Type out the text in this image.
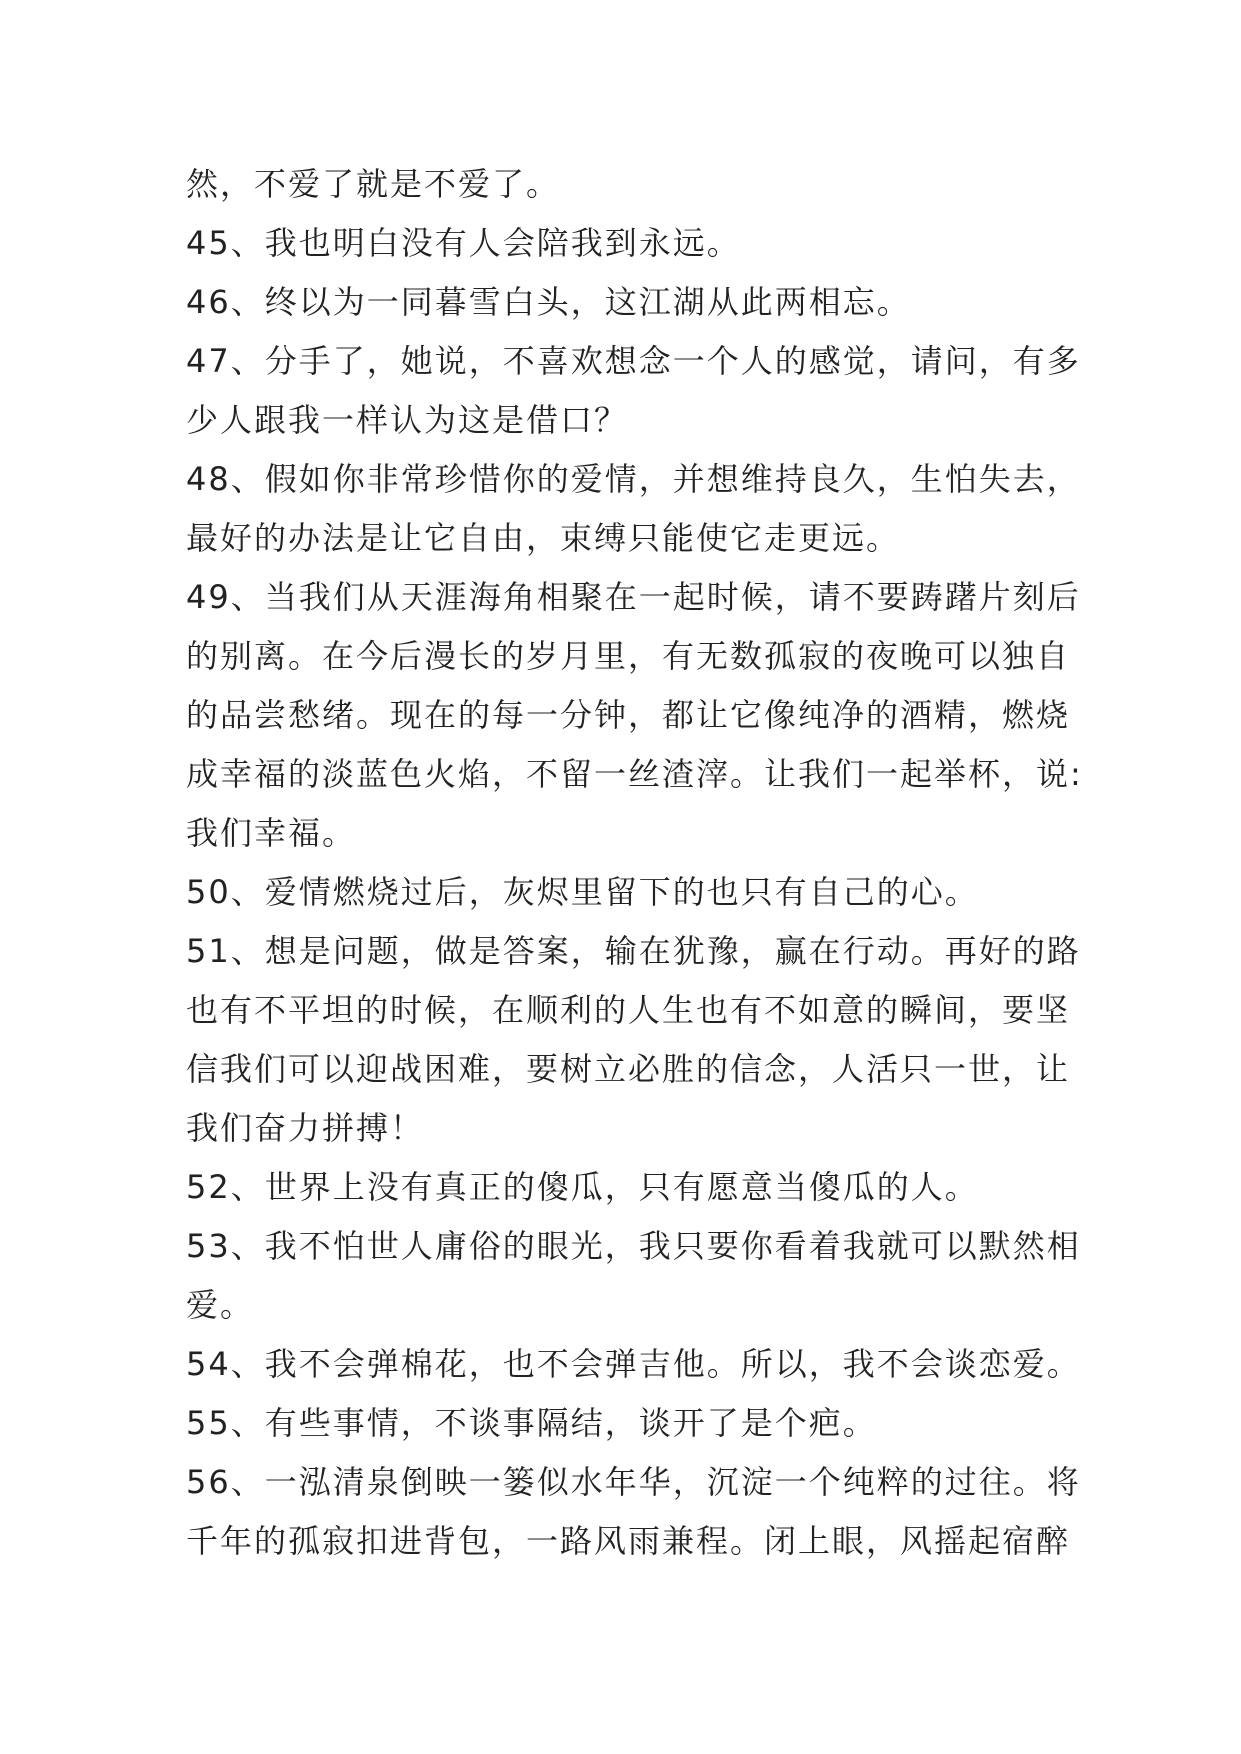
然，不爱了就是不爱了。
45、我也明白没有人会陪我到永远。
46、终以为一同暮雪白头，这江湖从此两相忘。
47、分手了，她说，不喜欢想念一个人的感觉，请问，有多
少人跟我一样认为这是借口？
48、假如你非常珍惜你的爱情，并想维持良久，生怕失去，
最好的办法是让它自由，束缚只能使它走更远。
49、当我们从天涯海角相聚在一起时候，请不要踌躇片刻后
的别离。在今后漫长的岁月里，有无数孤寂的夜晚可以独自
的品尝愁绪。现在的每一分钟，都让它像纯净的酒精，燃烧
成幸福的淡蓝色火焰，不留一丝渣滓。让我们一起举杯，说:
我们幸福。
50、爱情燃烧过后，灰烬里留下的也只有自己的心。
51、想是问题，做是答案，输在犹豫，赢在行动。再好的路
也有不平坦的时候，在顺利的人生也有不如意的瞬间，要坚
信我们可以迎战困难，要树立必胜的信念，人活只一世，让
我们奋力拼搏！
52、世界上没有真正的傻瓜，只有愿意当傻瓜的人。
53、我不怕世人庸俗的眼光，我只要你看着我就可以默然相
爱。
54、我不会弹棉花，也不会弹吉他。所以，我不会谈恋爱。
55、有些事情，不谈事隔结，谈开了是个疤。
56、一泓清泉倒映一篓似水年华，沉淀一个纯粹的过往。将
千年的孤寂扣进背包，一路风雨兼程。闭上眼，风摇起宿醉
